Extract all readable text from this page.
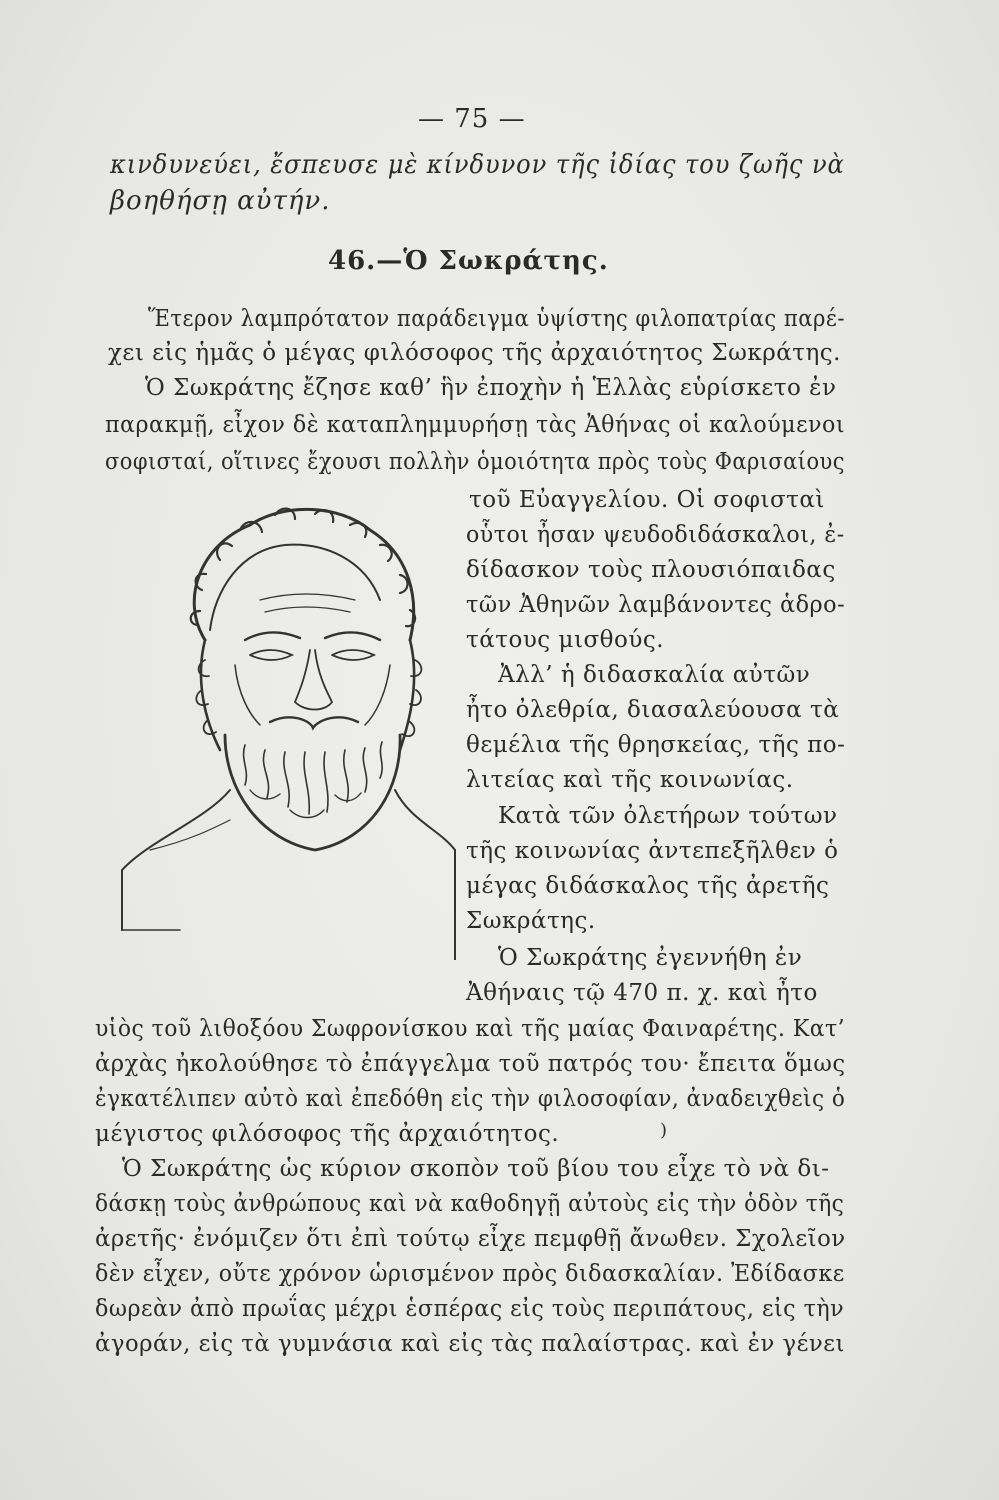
— 75 —
κινδυνεύει, ἔσπευσε μὲ κίνδυνον τῆς ἰδίας του ζωῆς νὰ
βοηθήσῃ αὐτήν.
46.—Ὁ Σωκράτης.
Ἕτερον λαμπρότατον παράδειγμα ὑψίστης φιλοπατρίας παρέ-
χει εἰς ἡμᾶς ὁ μέγας φιλόσοφος τῆς ἀρχαιότητος Σωκράτης.
Ὁ Σωκράτης ἔζησε καθ’ ἣν ἐποχὴν ἡ Ἑλλὰς εὑρίσκετο ἐν
παρακμῇ, εἶχον δὲ καταπλημμυρήσῃ τὰς Ἀθήνας οἱ καλούμενοι
σοφισταί, οἵτινες ἔχουσι πολλὴν ὁμοιότητα πρὸς τοὺς Φαρισαίους
τοῦ Εὐαγγελίου. Οἱ σοφισταὶ
οὗτοι ἦσαν ψευδοδιδάσκαλοι, ἐ-
δίδασκον τοὺς πλουσιόπαιδας
τῶν Ἀθηνῶν λαμβάνοντες ἁδρο-
τάτους μισθούς.
Ἀλλ’ ἡ διδασκαλία αὐτῶν
ἦτο ὀλεθρία, διασαλεύουσα τὰ
θεμέλια τῆς θρησκείας, τῆς πο-
λιτείας καὶ τῆς κοινωνίας.
Κατὰ τῶν ὀλετήρων τούτων
τῆς κοινωνίας ἀντεπεξῆλθεν ὁ
μέγας διδάσκαλος τῆς ἀρετῆς
Σωκράτης.
Ὁ Σωκράτης ἐγεννήθη ἐν
Ἀθήναις τῷ 470 π. χ. καὶ ἦτο
υἱὸς τοῦ λιθοξόου Σωφρονίσκου καὶ τῆς μαίας Φαιναρέτης. Κατ’
ἀρχὰς ἠκολούθησε τὸ ἐπάγγελμα τοῦ πατρός του· ἔπειτα ὅμως
ἐγκατέλιπεν αὐτὸ καὶ ἐπεδόθη εἰς τὴν φιλοσοφίαν, ἀναδειχθεὶς ὁ
μέγιστος φιλόσοφος τῆς ἀρχαιότητος.	)
Ὁ Σωκράτης ὡς κύριον σκοπὸν τοῦ βίου του εἶχε τὸ νὰ δι-
δάσκῃ τοὺς ἀνθρώπους καὶ νὰ καθοδηγῇ αὐτοὺς εἰς τὴν ὁδὸν τῆς
ἀρετῆς· ἐνόμιζεν ὅτι ἐπὶ τούτῳ εἶχε πεμφθῇ ἄνωθεν. Σχολεῖον
δὲν εἶχεν, οὔτε χρόνον ὡρισμένον πρὸς διδασκαλίαν. Ἐδίδασκε
δωρεὰν ἀπὸ πρωΐας μέχρι ἑσπέρας εἰς τοὺς περιπάτους, εἰς τὴν
ἀγοράν, εἰς τὰ γυμνάσια καὶ εἰς τὰς παλαίστρας. καὶ ἐν γένει
